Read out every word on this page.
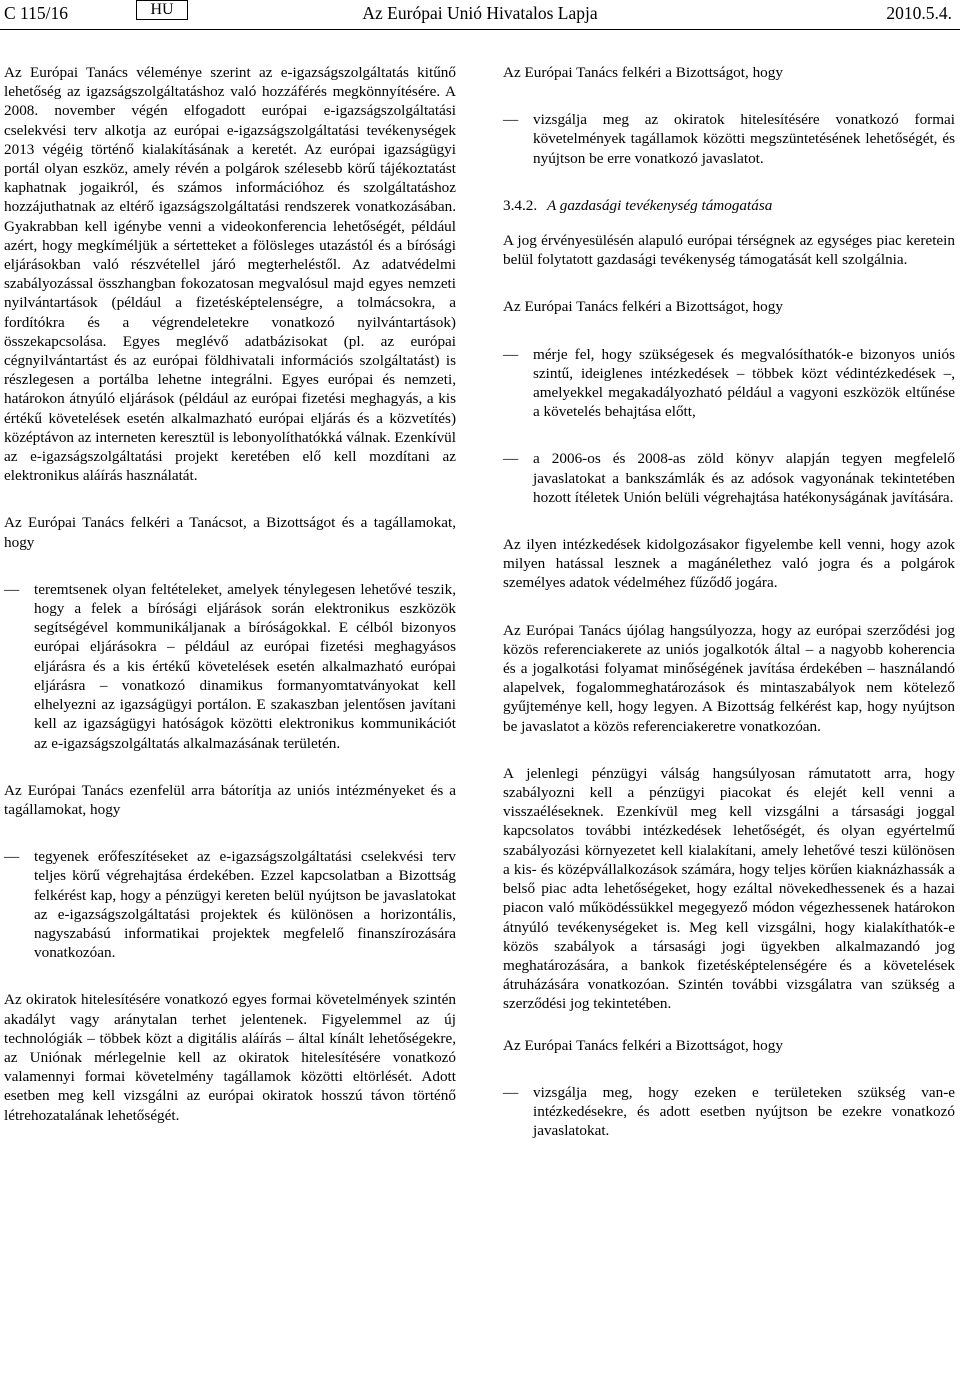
C 115/16	HU	Az Európai Unió Hivatalos Lapja	2010.5.4.

Az Európai Tanács véleménye szerint az e-igazságszolgáltatás kitűnő lehetőség az igazságszolgáltatáshoz való hozzáférés megkönnyítésére. A 2008. november végén elfogadott európai e-igazságszolgáltatási cselekvési terv alkotja az európai e-igazságszolgáltatási tevékenységek 2013 végéig történő kialakításának a keretét. Az európai igazságügyi portál olyan eszköz, amely révén a polgárok szélesebb körű tájékoztatást kaphatnak jogaikról, és számos információhoz és szolgáltatáshoz hozzájuthatnak az eltérő igazságszolgáltatási rendszerek vonatkozásában. Gyakrabban kell igénybe venni a videokonferencia lehetőségét, például azért, hogy megkíméljük a sértetteket a fölösleges utazástól és a bírósági eljárásokban való részvétellel járó megterheléstől. Az adatvédelmi szabályozással összhangban fokozatosan megvalósul majd egyes nemzeti nyilvántartások (például a fizetésképtelenségre, a tolmácsokra, a fordítókra és a végrendeletekre vonatkozó nyilvántartások) összekapcsolása. Egyes meglévő adatbázisokat (pl. az európai cégnyilvántartást és az európai földhivatali információs szolgáltatást) is részlegesen a portálba lehetne integrálni. Egyes európai és nemzeti, határokon átnyúló eljárások (például az európai fizetési meghagyás, a kis értékű követelések esetén alkalmazható európai eljárás és a közvetítés) középtávon az interneten keresztül is lebonyolíthatókká válnak. Ezenkívül az e-igazságszolgáltatási projekt keretében elő kell mozdítani az elektronikus aláírás használatát.

Az Európai Tanács felkéri a Tanácsot, a Bizottságot és a tagállamokat, hogy

— teremtsenek olyan feltételeket, amelyek ténylegesen lehetővé teszik, hogy a felek a bírósági eljárások során elektronikus eszközök segítségével kommunikáljanak a bíróságokkal. E célból bizonyos európai eljárásokra – például az európai fizetési meghagyásos eljárásra és a kis értékű követelések esetén alkalmazható európai eljárásra – vonatkozó dinamikus formanyomtatványokat kell elhelyezni az igazságügyi portálon. E szakaszban jelentősen javítani kell az igazságügyi hatóságok közötti elektronikus kommunikációt az e-igazságszolgáltatás alkalmazásának területén.

Az Európai Tanács ezenfelül arra bátorítja az uniós intézményeket és a tagállamokat, hogy

— tegyenek erőfeszítéseket az e-igazságszolgáltatási cselekvési terv teljes körű végrehajtása érdekében. Ezzel kapcsolatban a Bizottság felkérést kap, hogy a pénzügyi kereten belül nyújtson be javaslatokat az e-igazságszolgáltatási projektek és különösen a horizontális, nagyszabású informatikai projektek megfelelő finanszírozására vonatkozóan.

Az okiratok hitelesítésére vonatkozó egyes formai követelmények szintén akadályt vagy aránytalan terhet jelentenek. Figyelemmel az új technológiák – többek közt a digitális aláírás – által kínált lehetőségekre, az Uniónak mérlegelnie kell az okiratok hitelesítésére vonatkozó valamennyi formai követelmény tagállamok közötti eltörlését. Adott esetben meg kell vizsgálni az európai okiratok hosszú távon történő létrehozatalának lehetőségét.

Az Európai Tanács felkéri a Bizottságot, hogy

— vizsgálja meg az okiratok hitelesítésére vonatkozó formai követelmények tagállamok közötti megszüntetésének lehetőségét, és nyújtson be erre vonatkozó javaslatot.
3.4.2. A gazdasági tevékenység támogatása

A jog érvényesülésén alapuló európai térségnek az egységes piac keretein belül folytatott gazdasági tevékenység támogatását kell szolgálnia.

Az Európai Tanács felkéri a Bizottságot, hogy

— mérje fel, hogy szükségesek és megvalósíthatók-e bizonyos uniós szintű, ideiglenes intézkedések – többek közt védintézkedések –, amelyekkel megakadályozható például a vagyoni eszközök eltűnése a követelés behajtása előtt,
— a 2006-os és 2008-as zöld könyv alapján tegyen megfelelő javaslatokat a bankszámlák és az adósok vagyonának tekintetében hozott ítéletek Unión belüli végrehajtása hatékonyságának javítására.

Az ilyen intézkedések kidolgozásakor figyelembe kell venni, hogy azok milyen hatással lesznek a magánélethez való jogra és a polgárok személyes adatok védelméhez fűződő jogára.

Az Európai Tanács újólag hangsúlyozza, hogy az európai szerződési jog közös referenciakerete az uniós jogalkotók által – a nagyobb koherencia és a jogalkotási folyamat minőségének javítása érdekében – használandó alapelvek, fogalommeghatározások és mintaszabályok nem kötelező gyűjteménye kell, hogy legyen. A Bizottság felkérést kap, hogy nyújtson be javaslatot a közös referenciakeretre vonatkozóan.

A jelenlegi pénzügyi válság hangsúlyosan rámutatott arra, hogy szabályozni kell a pénzügyi piacokat és elejét kell venni a visszaéléseknek. Ezenkívül meg kell vizsgálni a társasági joggal kapcsolatos további intézkedések lehetőségét, és olyan egyértelmű szabályozási környezetet kell kialakítani, amely lehetővé teszi különösen a kis- és középvállalkozások számára, hogy teljes körűen kiaknázhassák a belső piac adta lehetőségeket, hogy ezáltal növekedhessenek és a hazai piacon való működéssükkel megegyező módon végezhessenek határokon átnyúló tevékenységeket is. Meg kell vizsgálni, hogy kialakíthatók-e közös szabályok a társasági jogi ügyekben alkalmazandó jog meghatározására, a bankok fizetésképtelenségére és a követelések átruházására vonatkozóan. Szintén további vizsgálatra van szükség a szerződési jog tekintetében.

Az Európai Tanács felkéri a Bizottságot, hogy

— vizsgálja meg, hogy ezeken e területeken szükség van-e intézkedésekre, és adott esetben nyújtson be ezekre vonatkozó javaslatokat.
